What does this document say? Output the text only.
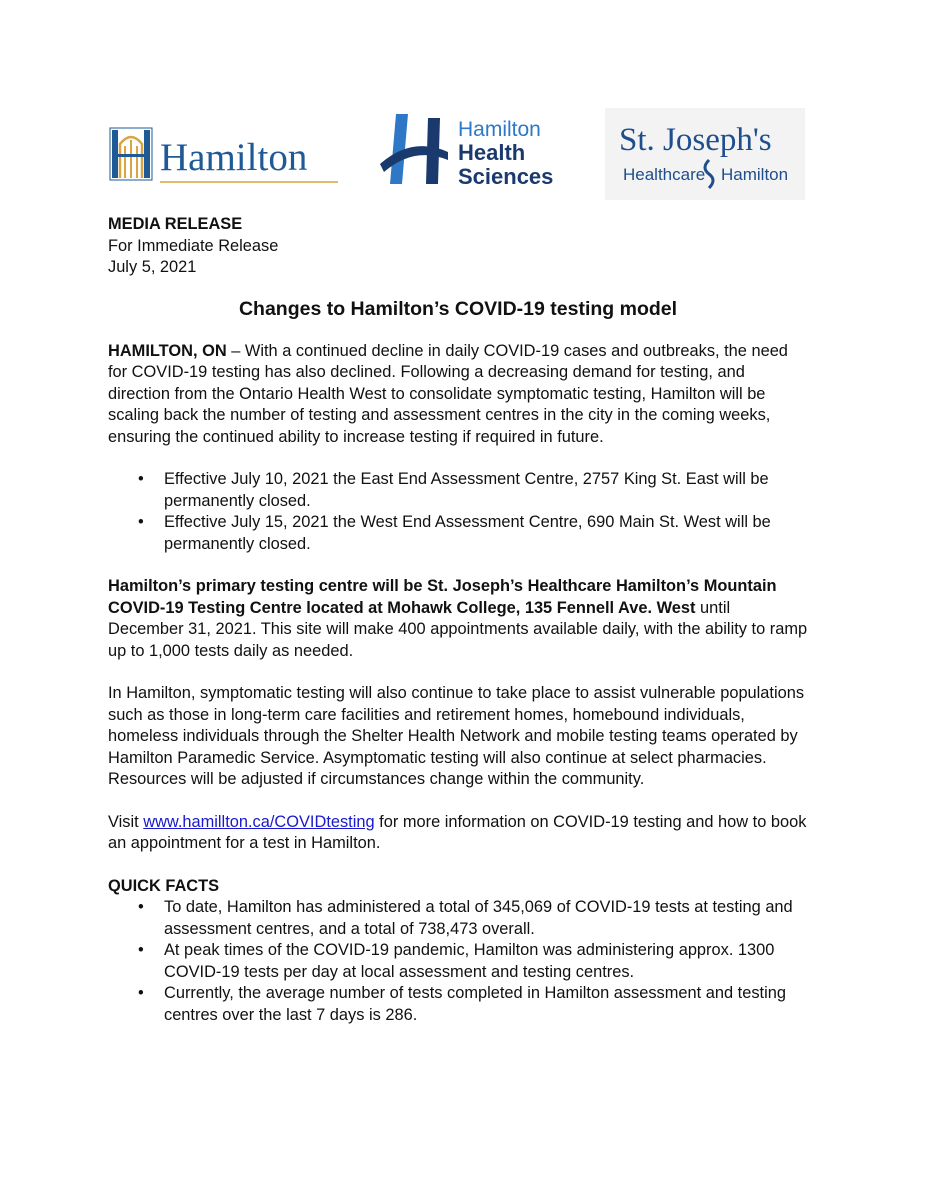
Hamilton
Hamilton
Health
Sciences
St. Joseph's
Healthcare Hamilton

MEDIA RELEASE

For Immediate Release

July 5, 2021

Changes to Hamilton’s COVID-19 testing model

HAMILTON, ON – With a continued decline in daily COVID-19 cases and outbreaks, the need for COVID-19 testing has also declined. Following a decreasing demand for testing, and direction from the Ontario Health West to consolidate symptomatic testing, Hamilton will be scaling back the number of testing and assessment centres in the city in the coming weeks, ensuring the continued ability to increase testing if required in future.

• Effective July 10, 2021 the East End Assessment Centre, 2757 King St. East will be permanently closed.
• Effective July 15, 2021 the West End Assessment Centre, 690 Main St. West will be permanently closed.

Hamilton’s primary testing centre will be St. Joseph’s Healthcare Hamilton’s Mountain COVID-19 Testing Centre located at Mohawk College, 135 Fennell Ave. West until December 31, 2021. This site will make 400 appointments available daily, with the ability to ramp up to 1,000 tests daily as needed.

In Hamilton, symptomatic testing will also continue to take place to assist vulnerable populations such as those in long-term care facilities and retirement homes, homebound individuals, homeless individuals through the Shelter Health Network and mobile testing teams operated by Hamilton Paramedic Service. Asymptomatic testing will also continue at select pharmacies. Resources will be adjusted if circumstances change within the community.

Visit www.hamillton.ca/COVIDtesting for more information on COVID-19 testing and how to book an appointment for a test in Hamilton.

QUICK FACTS

• To date, Hamilton has administered a total of 345,069 of COVID-19 tests at testing and assessment centres, and a total of 738,473 overall.
• At peak times of the COVID-19 pandemic, Hamilton was administering approx. 1300 COVID-19 tests per day at local assessment and testing centres.
• Currently, the average number of tests completed in Hamilton assessment and testing centres over the last 7 days is 286.
